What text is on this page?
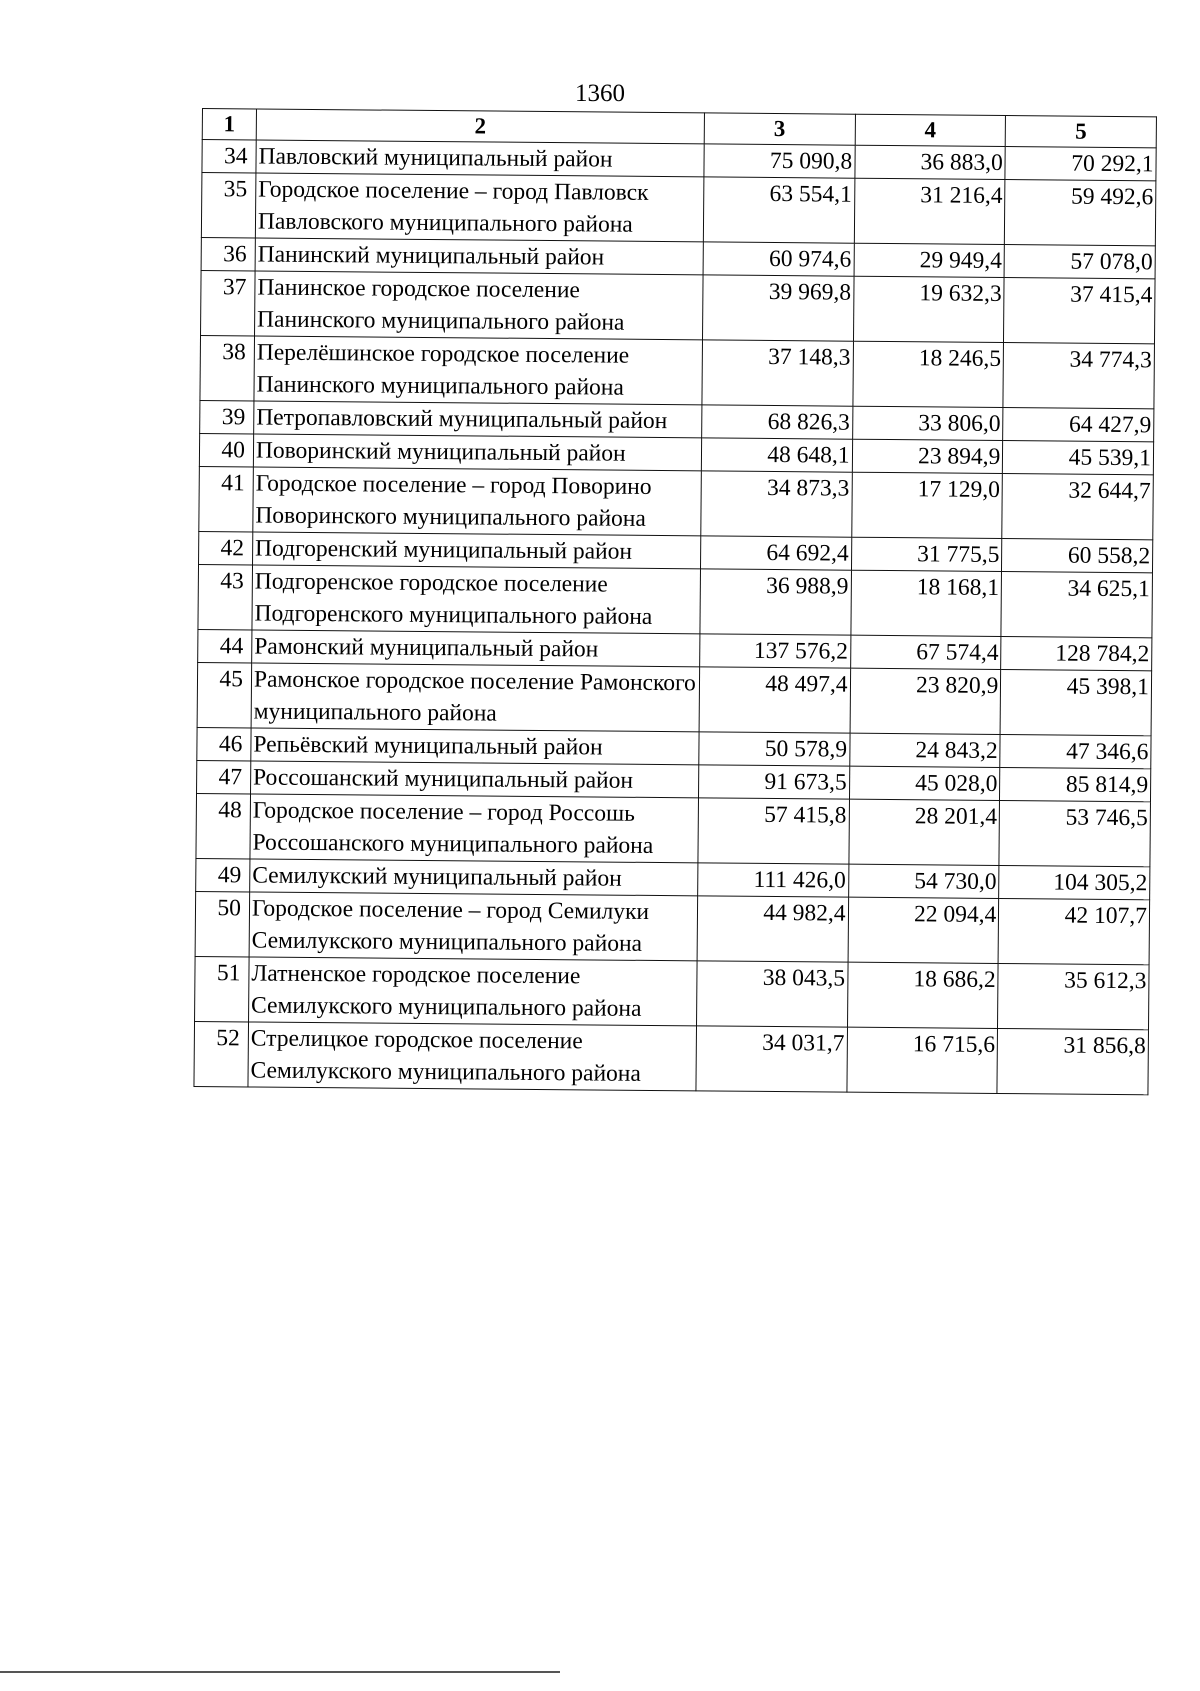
1360
1	2	3	4	5
34	Павловский муниципальный район	75 090,8	36 883,0	70 292,1
35	Городское поселение – город Павловск Павловского муниципального района	63 554,1	31 216,4	59 492,6
36	Панинский муниципальный район	60 974,6	29 949,4	57 078,0
37	Панинское городское поселение Панинского муниципального района	39 969,8	19 632,3	37 415,4
38	Перелёшинское городское поселение Панинского муниципального района	37 148,3	18 246,5	34 774,3
39	Петропавловский муниципальный район	68 826,3	33 806,0	64 427,9
40	Поворинский муниципальный район	48 648,1	23 894,9	45 539,1
41	Городское поселение – город Поворино Поворинского муниципального района	34 873,3	17 129,0	32 644,7
42	Подгоренский муниципальный район	64 692,4	31 775,5	60 558,2
43	Подгоренское городское поселение Подгоренского муниципального района	36 988,9	18 168,1	34 625,1
44	Рамонский муниципальный район	137 576,2	67 574,4	128 784,2
45	Рамонское городское поселение Рамонского муниципального района	48 497,4	23 820,9	45 398,1
46	Репьёвский муниципальный район	50 578,9	24 843,2	47 346,6
47	Россошанский муниципальный район	91 673,5	45 028,0	85 814,9
48	Городское поселение – город Россошь Россошанского муниципального района	57 415,8	28 201,4	53 746,5
49	Семилукский муниципальный район	111 426,0	54 730,0	104 305,2
50	Городское поселение – город Семилуки Семилукского муниципального района	44 982,4	22 094,4	42 107,7
51	Латненское городское поселение Семилукского муниципального района	38 043,5	18 686,2	35 612,3
52	Стрелицкое городское поселение Семилукского муниципального района	34 031,7	16 715,6	31 856,8
